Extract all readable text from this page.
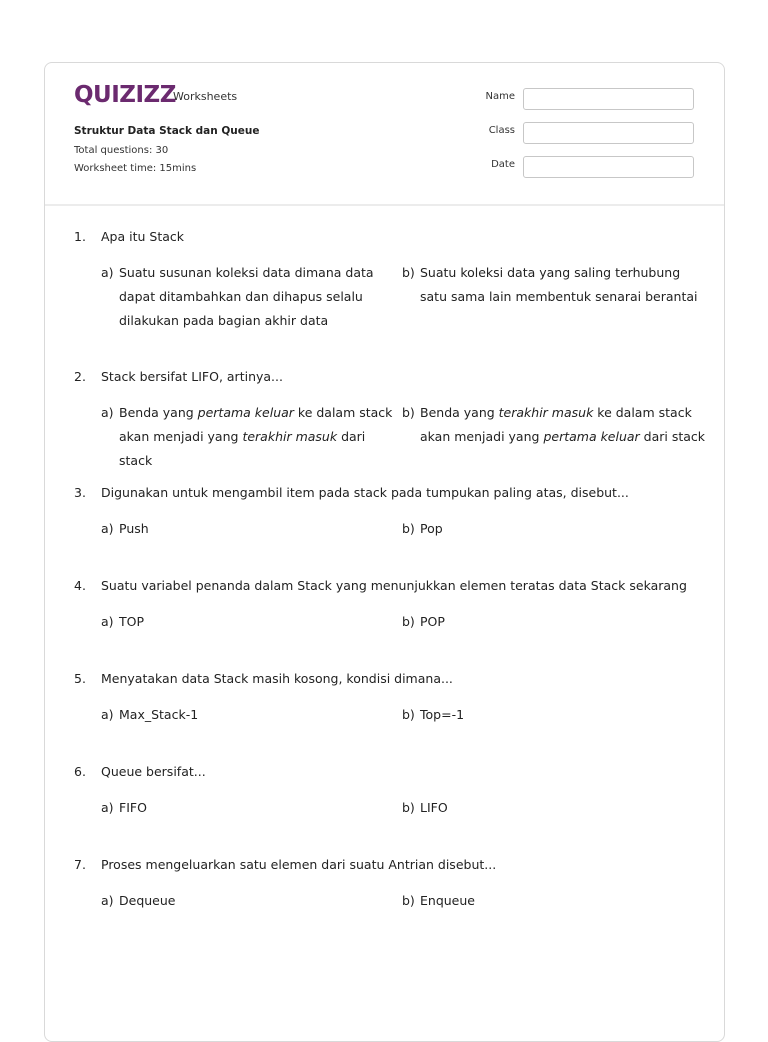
QUIZIZZ
Worksheets
Struktur Data Stack dan Queue
Total questions: 30
Worksheet time: 15mins
Name
Class
Date
1. Apa itu Stack
a) Suatu susunan koleksi data dimana data
dapat ditambahkan dan dihapus selalu
dilakukan pada bagian akhir data
b) Suatu koleksi data yang saling terhubung
satu sama lain membentuk senarai berantai
2. Stack bersifat LIFO, artinya...
a) Benda yang pertama keluar ke dalam stack
akan menjadi yang terakhir masuk dari stack
b) Benda yang terakhir masuk ke dalam stack
akan menjadi yang pertama keluar dari stack
3. Digunakan untuk mengambil item pada stack pada tumpukan paling atas, disebut...
a) Push	b) Pop
4. Suatu variabel penanda dalam Stack yang menunjukkan elemen teratas data Stack sekarang
a) TOP	b) POP
5. Menyatakan data Stack masih kosong, kondisi dimana...
a) Max_Stack-1	b) Top=-1
6. Queue bersifat...
a) FIFO	b) LIFO
7. Proses mengeluarkan satu elemen dari suatu Antrian disebut...
a) Dequeue	b) Enqueue
